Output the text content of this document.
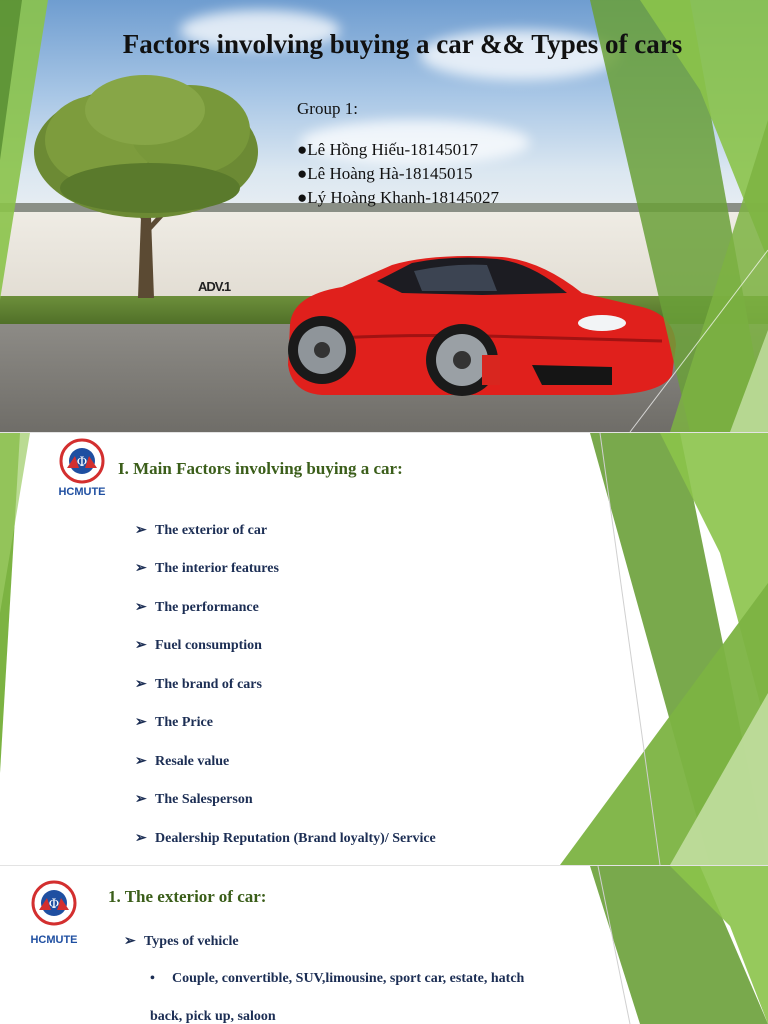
ADV.1
Factors involving buying a car && Types of cars
Group 1:
●Lê Hồng Hiếu-18145017
●Lê Hoàng Hà-18145015
●Lý Hoàng Khanh-18145027
Φ
HCMUTE
I. Main Factors involving buying a car:
➢ The exterior of car
➢ The interior features
➢ The performance
➢ Fuel consumption
➢ The brand of cars
➢ The Price
➢ Resale value
➢ The Salesperson
➢ Dealership Reputation (Brand loyalty)/ Service
Φ
HCMUTE
1. The exterior of car:
➢ Types of vehicle
• Couple, convertible, SUV,limousine, sport car, estate, hatch
back, pick up, saloon
